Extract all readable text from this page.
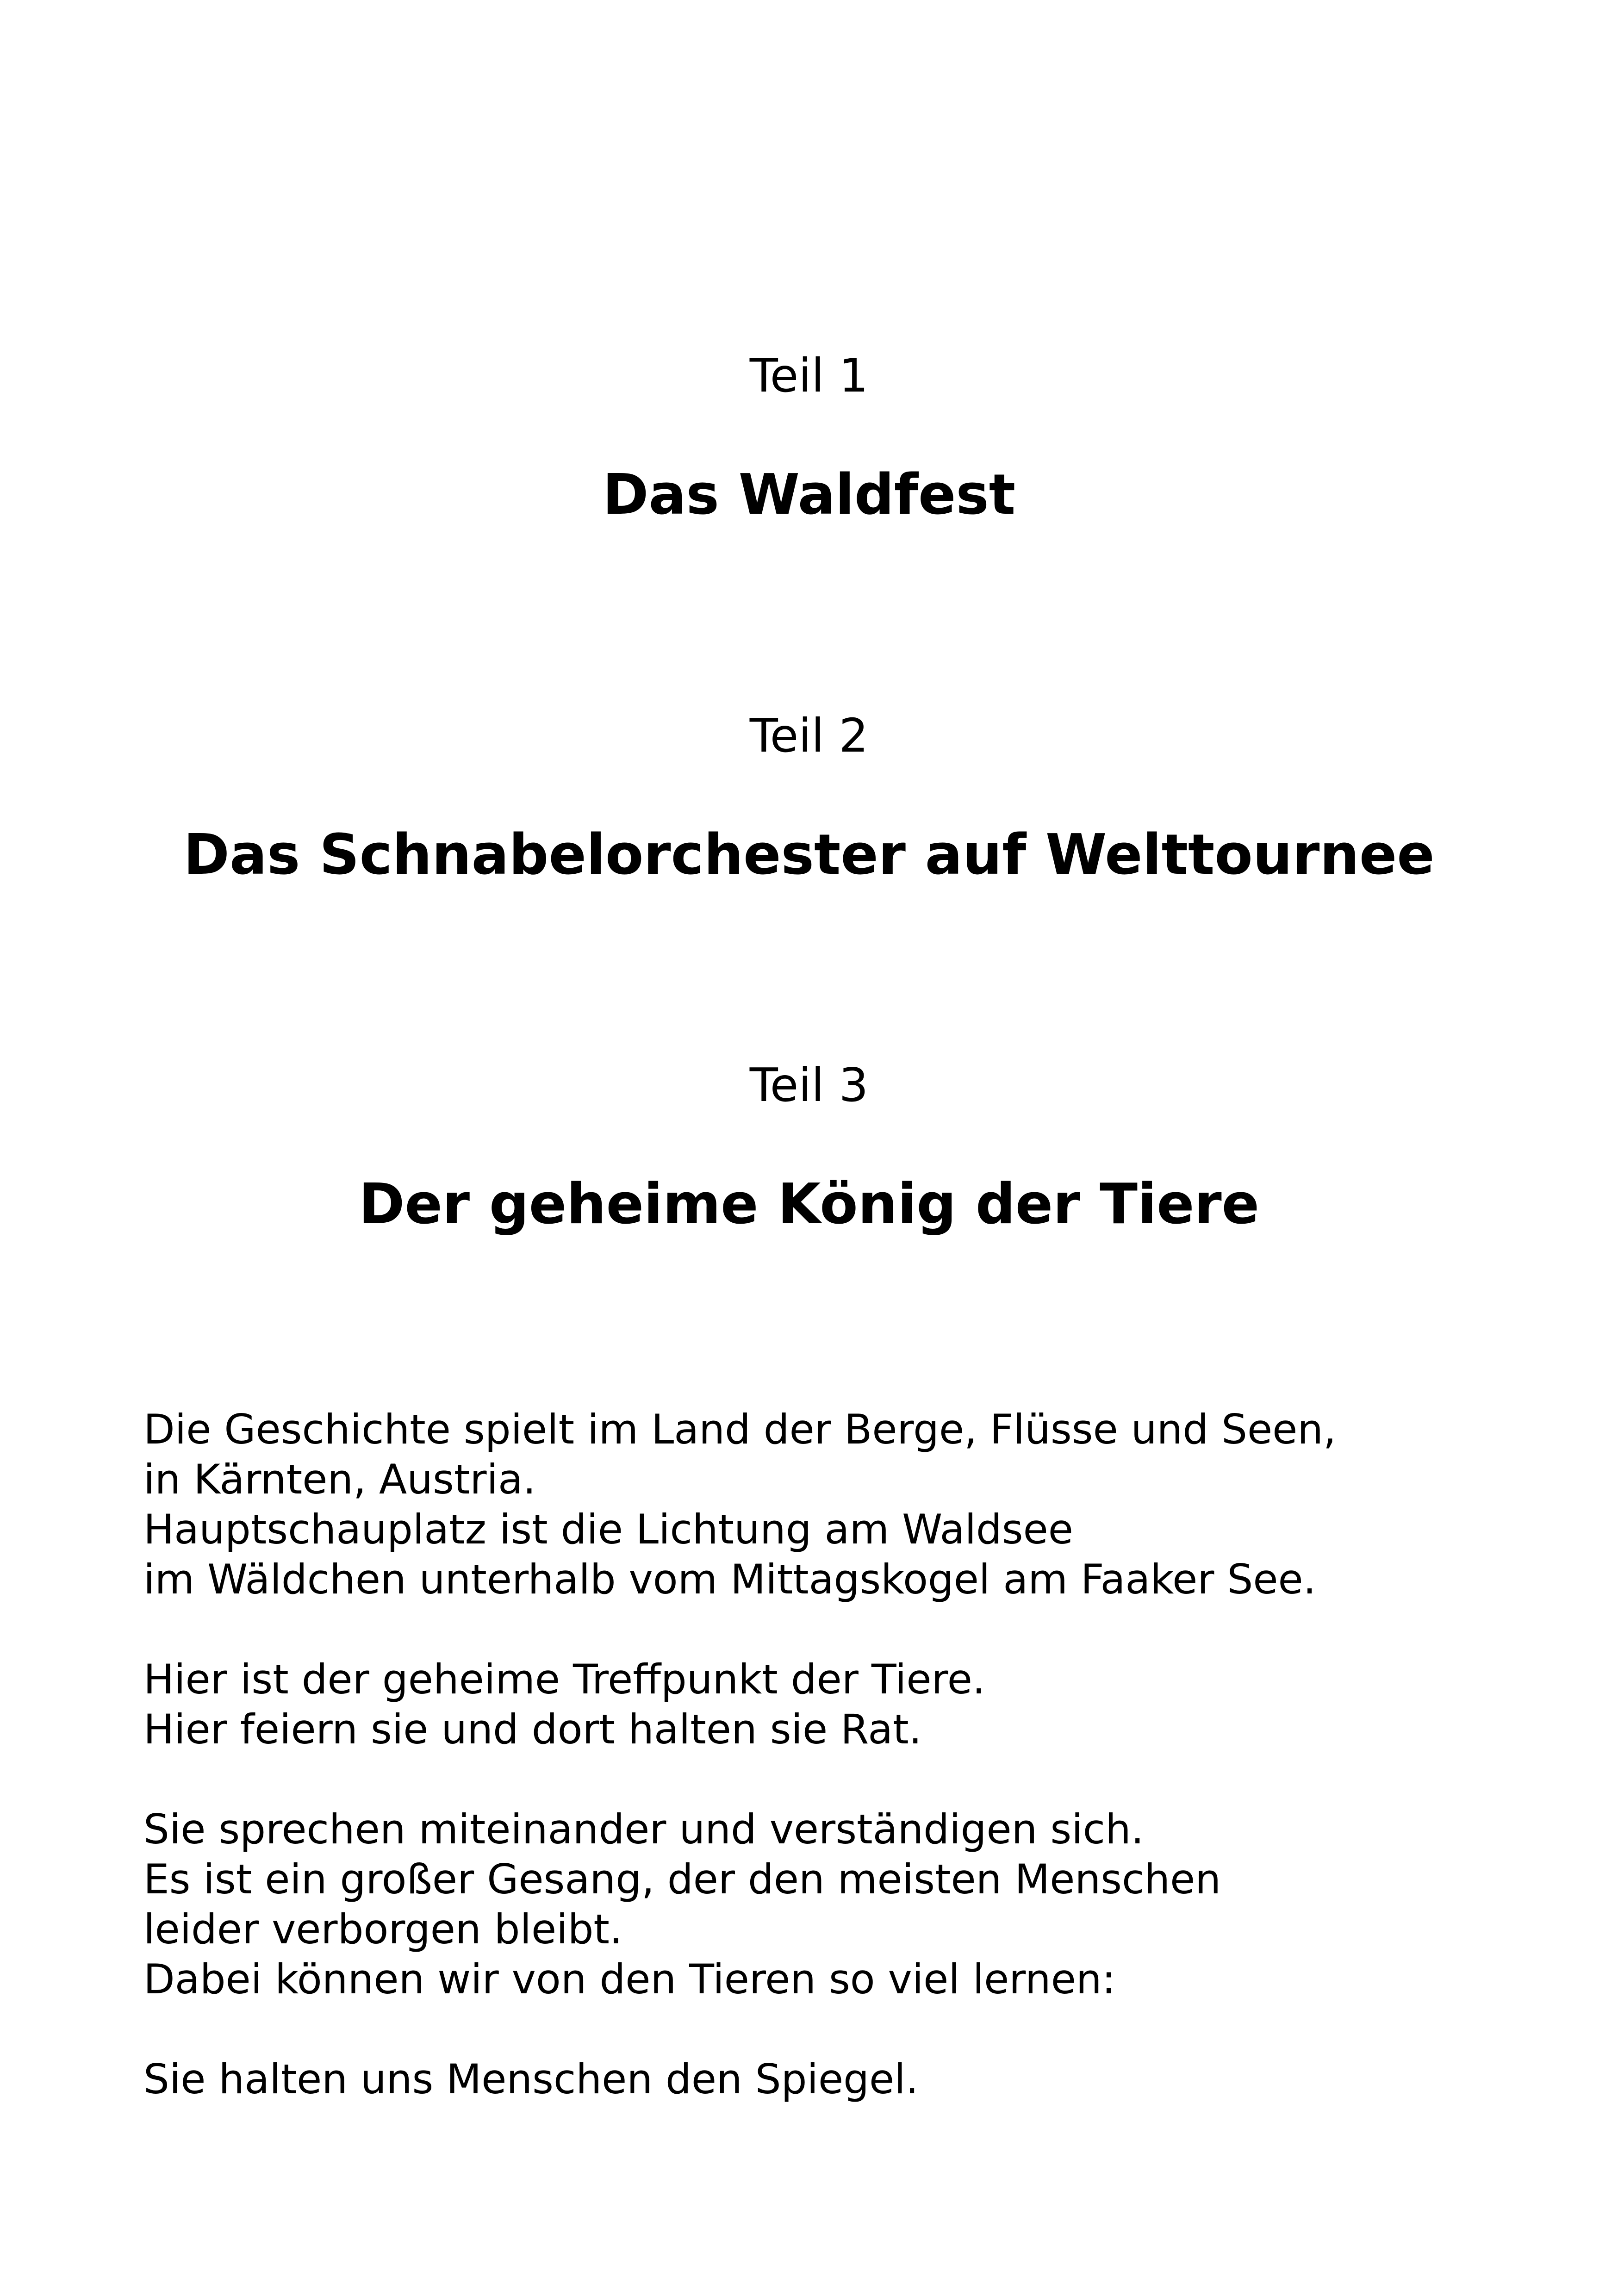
Teil 1
Das Waldfest
Teil 2
Das Schnabelorchester auf Welttournee
Teil 3
Der geheime König der Tiere
Die Geschichte spielt im Land der Berge, Flüsse und Seen,
in Kärnten, Austria.
Hauptschauplatz ist die Lichtung am Waldsee
im Wäldchen unterhalb vom Mittagskogel am Faaker See.
Hier ist der geheime Treffpunkt der Tiere.
Hier feiern sie und dort halten sie Rat.
Sie sprechen miteinander und verständigen sich.
Es ist ein großer Gesang, der den meisten Menschen
leider verborgen bleibt.
Dabei können wir von den Tieren so viel lernen:
Sie halten uns Menschen den Spiegel.
